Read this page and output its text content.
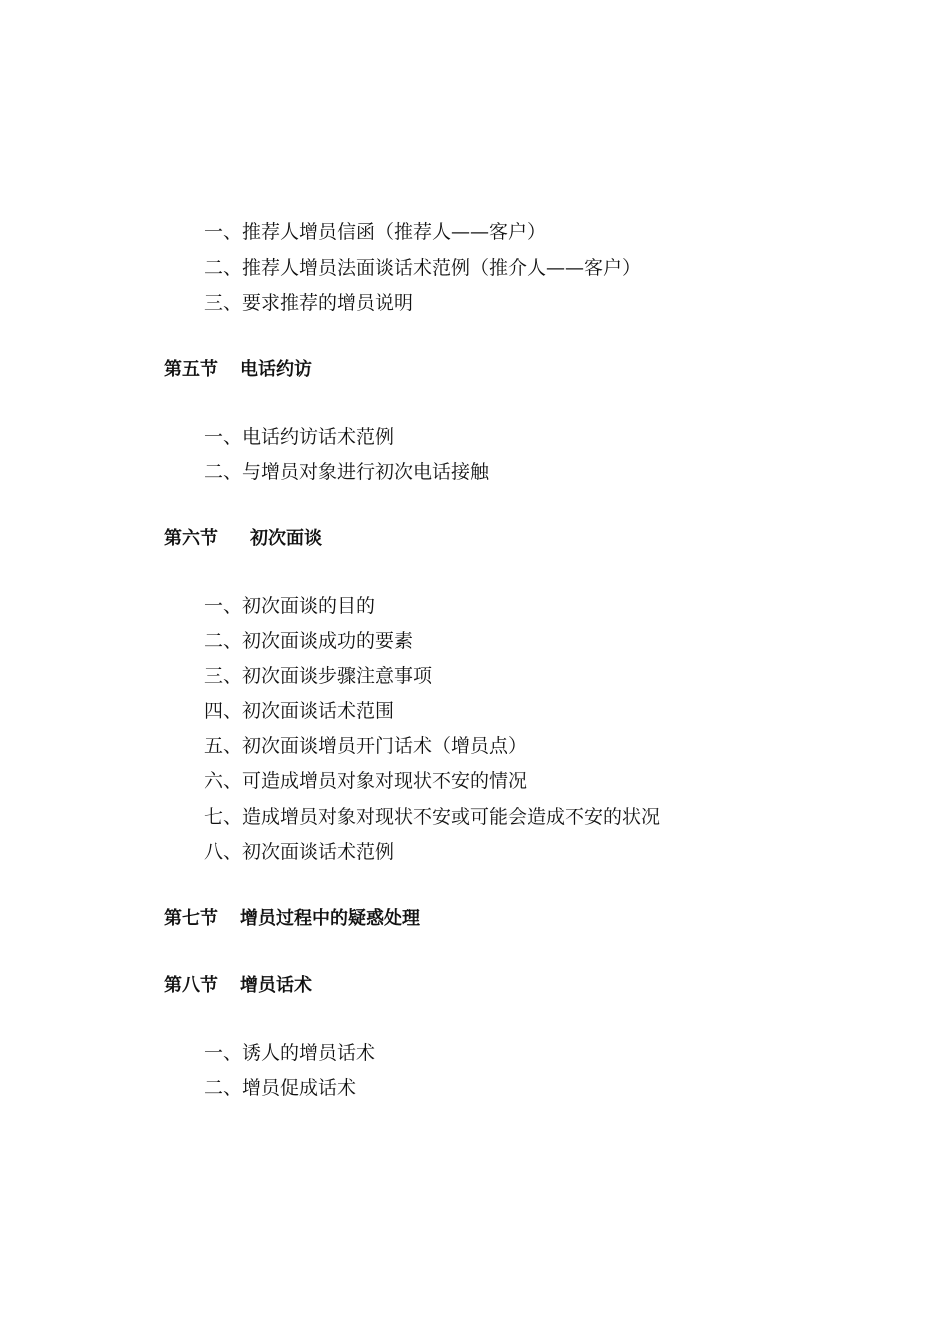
一、推荐人增员信函（推荐人——客户）
二、推荐人增员法面谈话术范例（推介人——客户）
三、要求推荐的增员说明
第五节 电话约访
一、电话约访话术范例
二、与增员对象进行初次电话接触
第六节 初次面谈
一、初次面谈的目的
二、初次面谈成功的要素
三、初次面谈步骤注意事项
四、初次面谈话术范围
五、初次面谈增员开门话术（增员点）
六、可造成增员对象对现状不安的情况
七、造成增员对象对现状不安或可能会造成不安的状况
八、初次面谈话术范例
第七节 增员过程中的疑惑处理
第八节 增员话术
一、诱人的增员话术
二、增员促成话术
